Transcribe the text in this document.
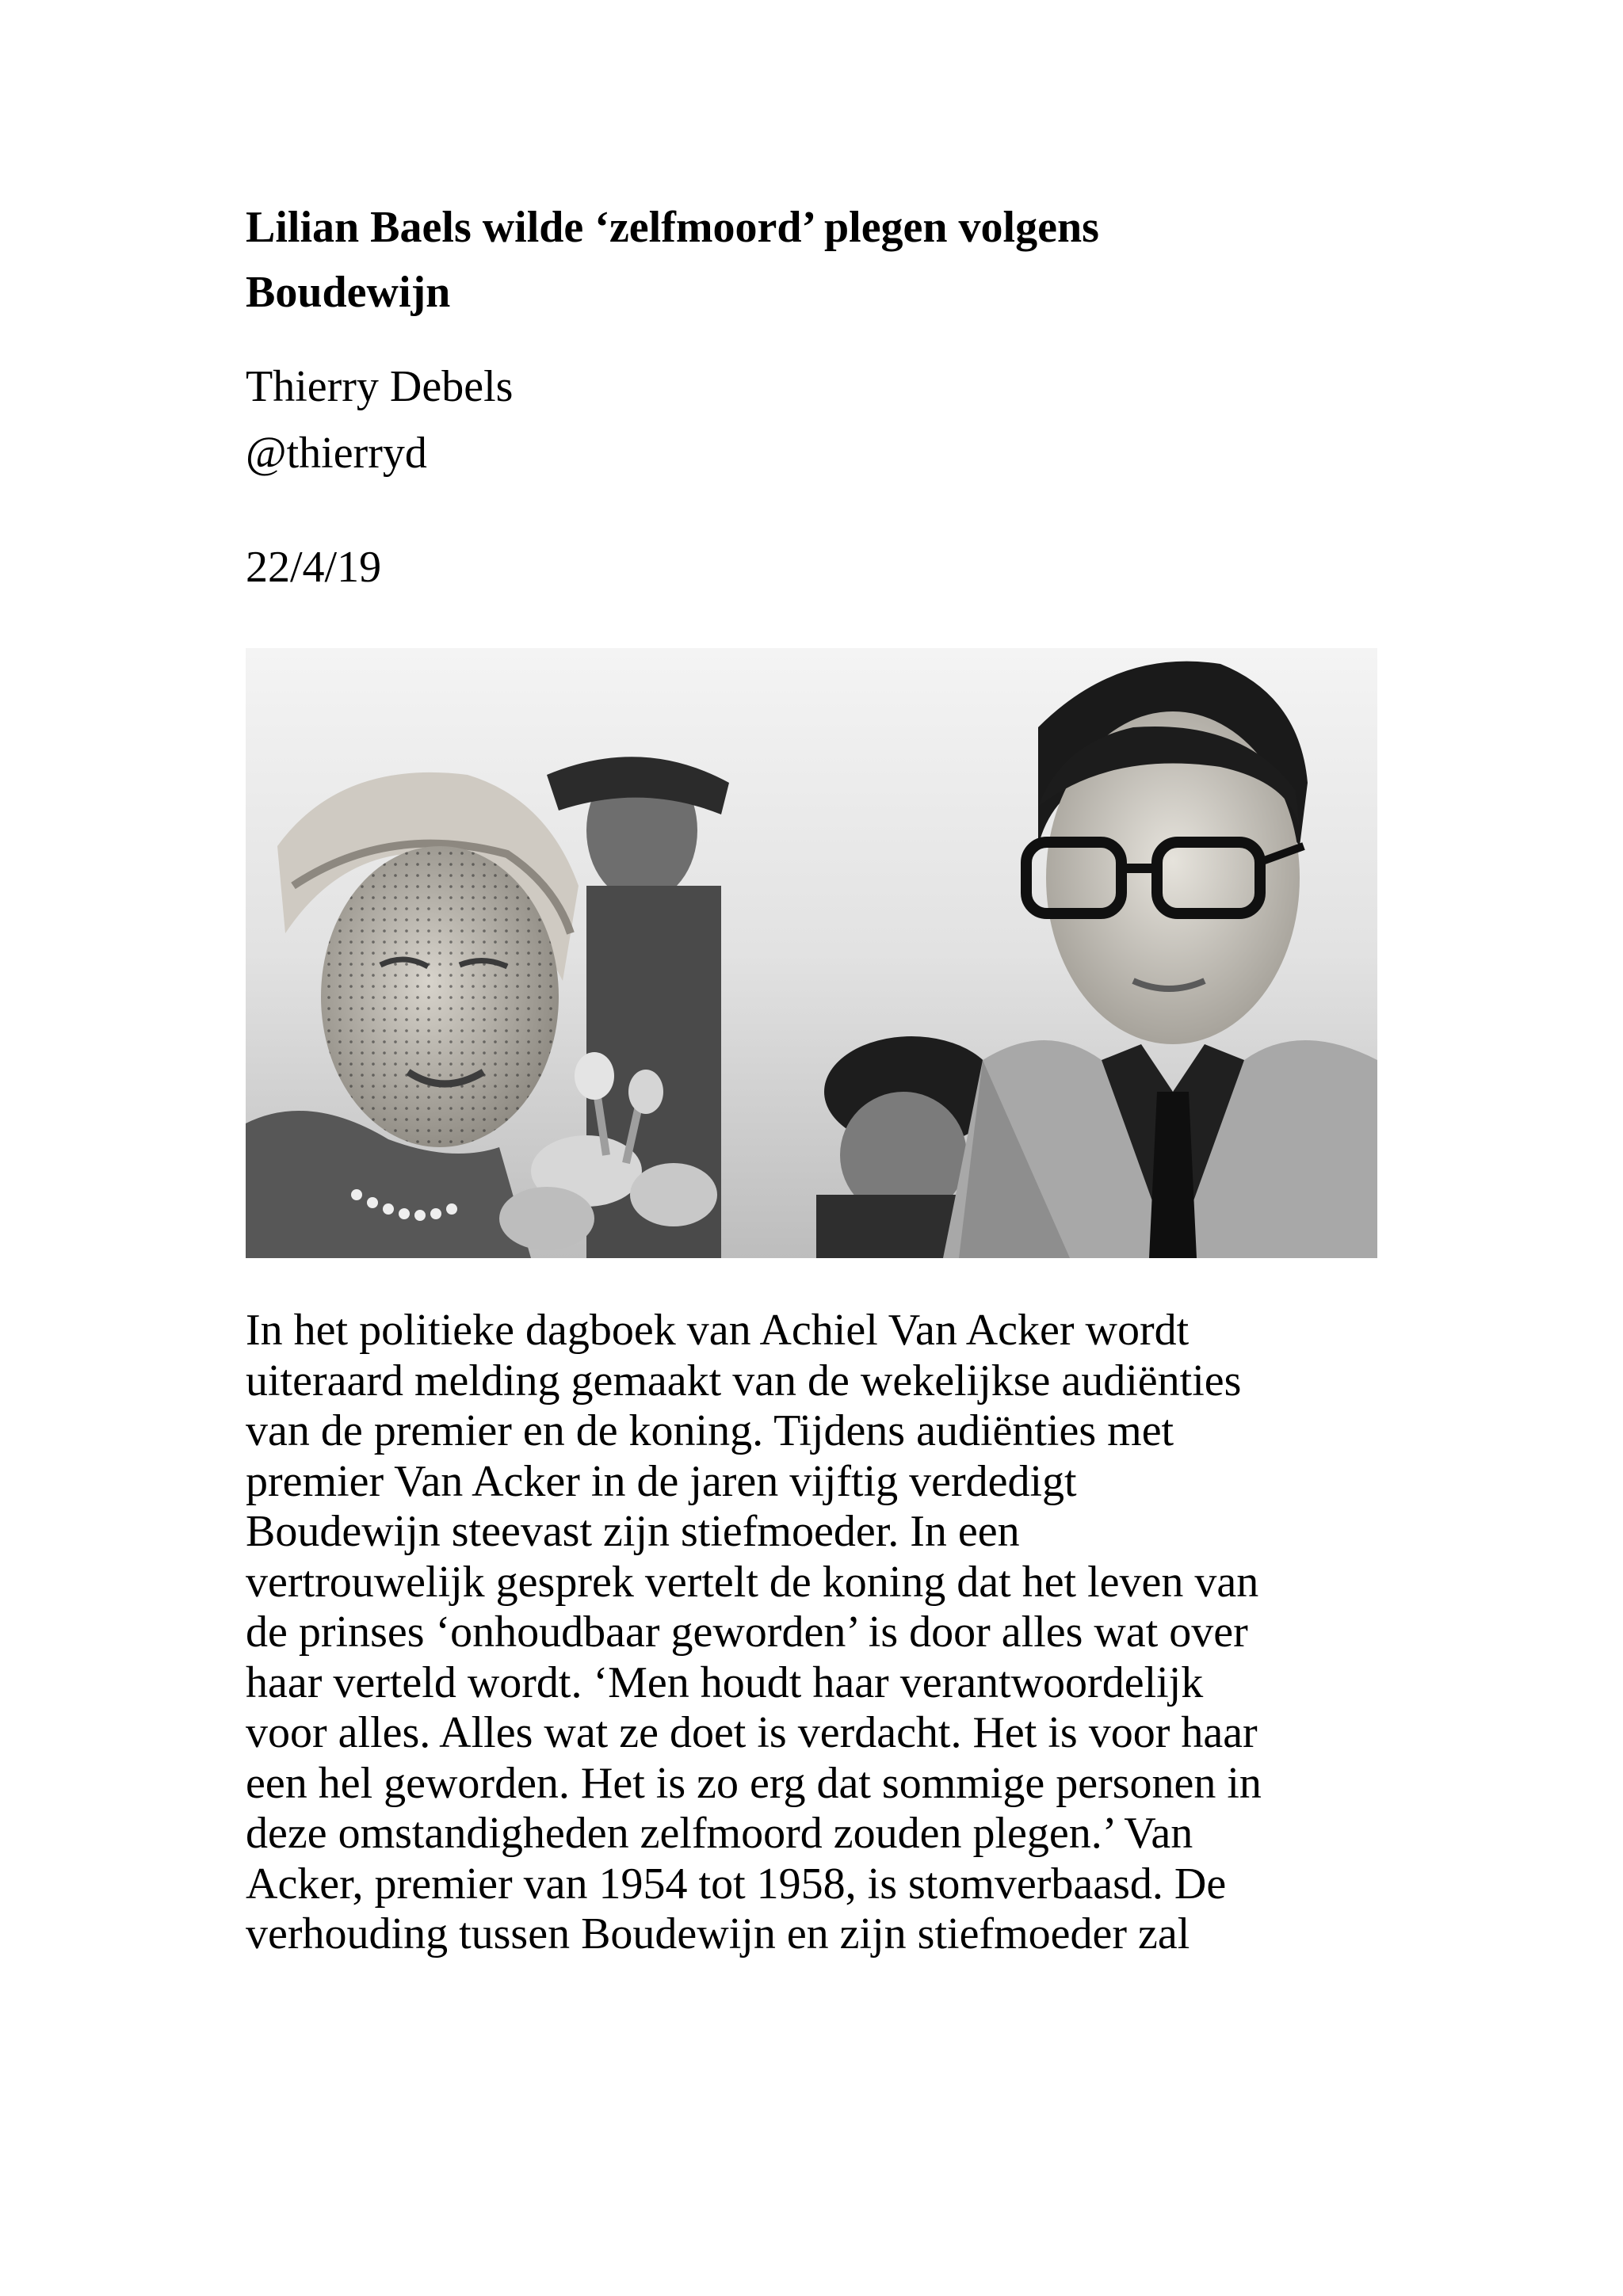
Lilian Baels wilde ‘zelfmoord’ plegen volgens
Boudewijn

Thierry Debels

@thierryd

22/4/19

In het politieke dagboek van Achiel Van Acker wordt
uiteraard melding gemaakt van de wekelijkse audiënties
van de premier en de koning. Tijdens audiënties met
premier Van Acker in de jaren vijftig verdedigt
Boudewijn steevast zijn stiefmoeder. In een
vertrouwelijk gesprek vertelt de koning dat het leven van
de prinses ‘onhoudbaar geworden’ is door alles wat over
haar verteld wordt. ‘Men houdt haar verantwoordelijk
voor alles. Alles wat ze doet is verdacht. Het is voor haar
een hel geworden. Het is zo erg dat sommige personen in
deze omstandigheden zelfmoord zouden plegen.’ Van
Acker, premier van 1954 tot 1958, is stomverbaasd. De
verhouding tussen Boudewijn en zijn stiefmoeder zal
